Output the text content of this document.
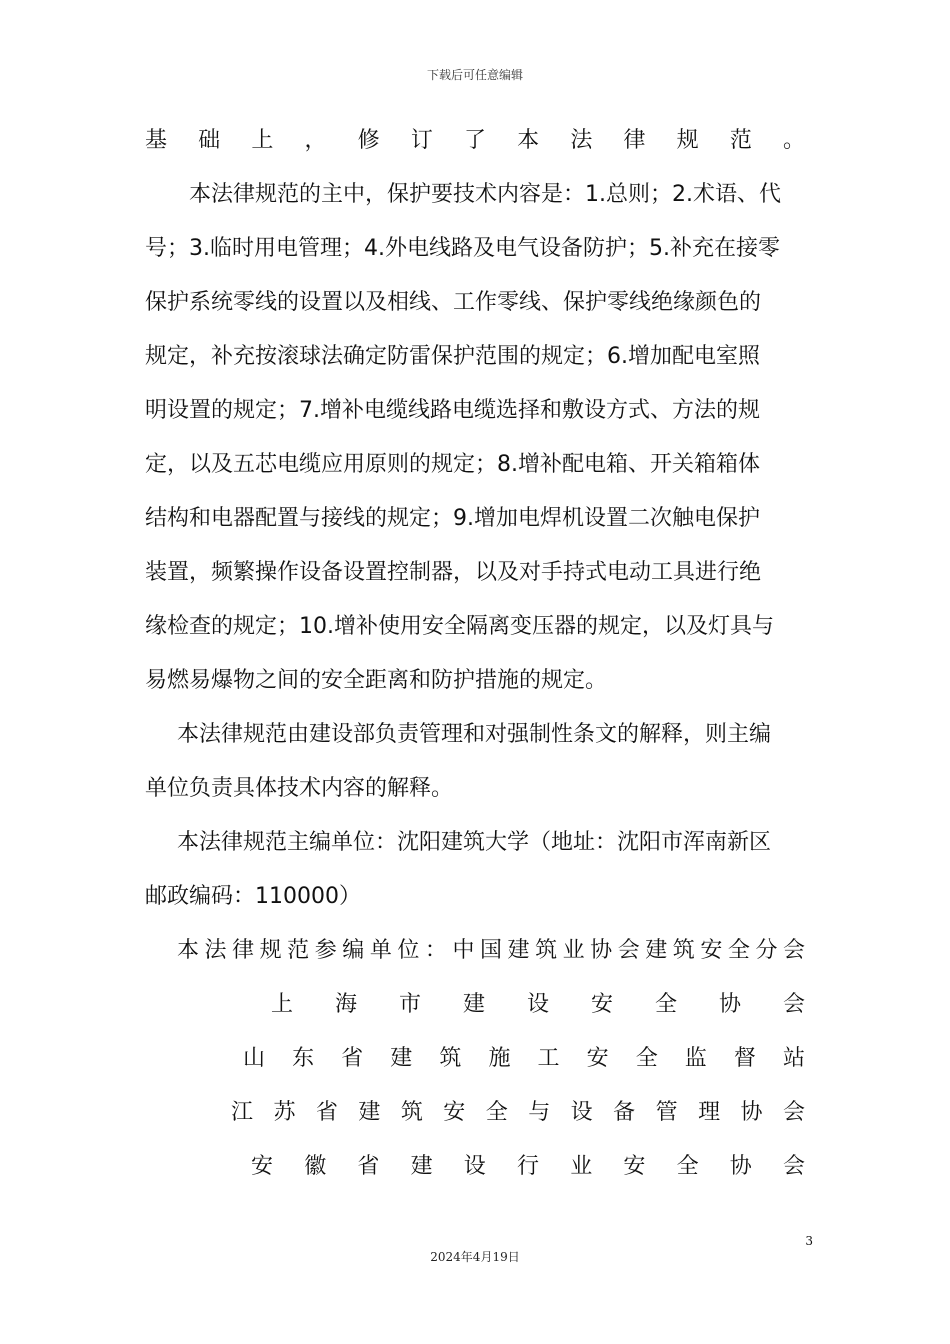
下载后可任意编辑
基础上，修订了本法律规范。
本法律规范的主中，保护要技术内容是：1.总则；2.术语、代
号；3.临时用电管理；4.外电线路及电气设备防护；5.补充在接零
保护系统零线的设置以及相线、工作零线、保护零线绝缘颜色的
规定，补充按滚球法确定防雷保护范围的规定；6.增加配电室照
明设置的规定；7.增补电缆线路电缆选择和敷设方式、方法的规
定，以及五芯电缆应用原则的规定；8.增补配电箱、开关箱箱体
结构和电器配置与接线的规定；9.增加电焊机设置二次触电保护
装置，频繁操作设备设置控制器，以及对手持式电动工具进行绝
缘检查的规定；10.增补使用安全隔离变压器的规定，以及灯具与
易燃易爆物之间的安全距离和防护措施的规定。
本法律规范由建设部负责管理和对强制性条文的解释，则主编
单位负责具体技术内容的解释。
本法律规范主编单位：沈阳建筑大学（地址：沈阳市浑南新区
邮政编码：110000）
本法律规范参编单位：中国建筑业协会建筑安全分会
上海市建设安全协会
山东省建筑施工安全监督站
江苏省建筑安全与设备管理协会
安徽省建设行业安全协会
3
2024年4月19日
